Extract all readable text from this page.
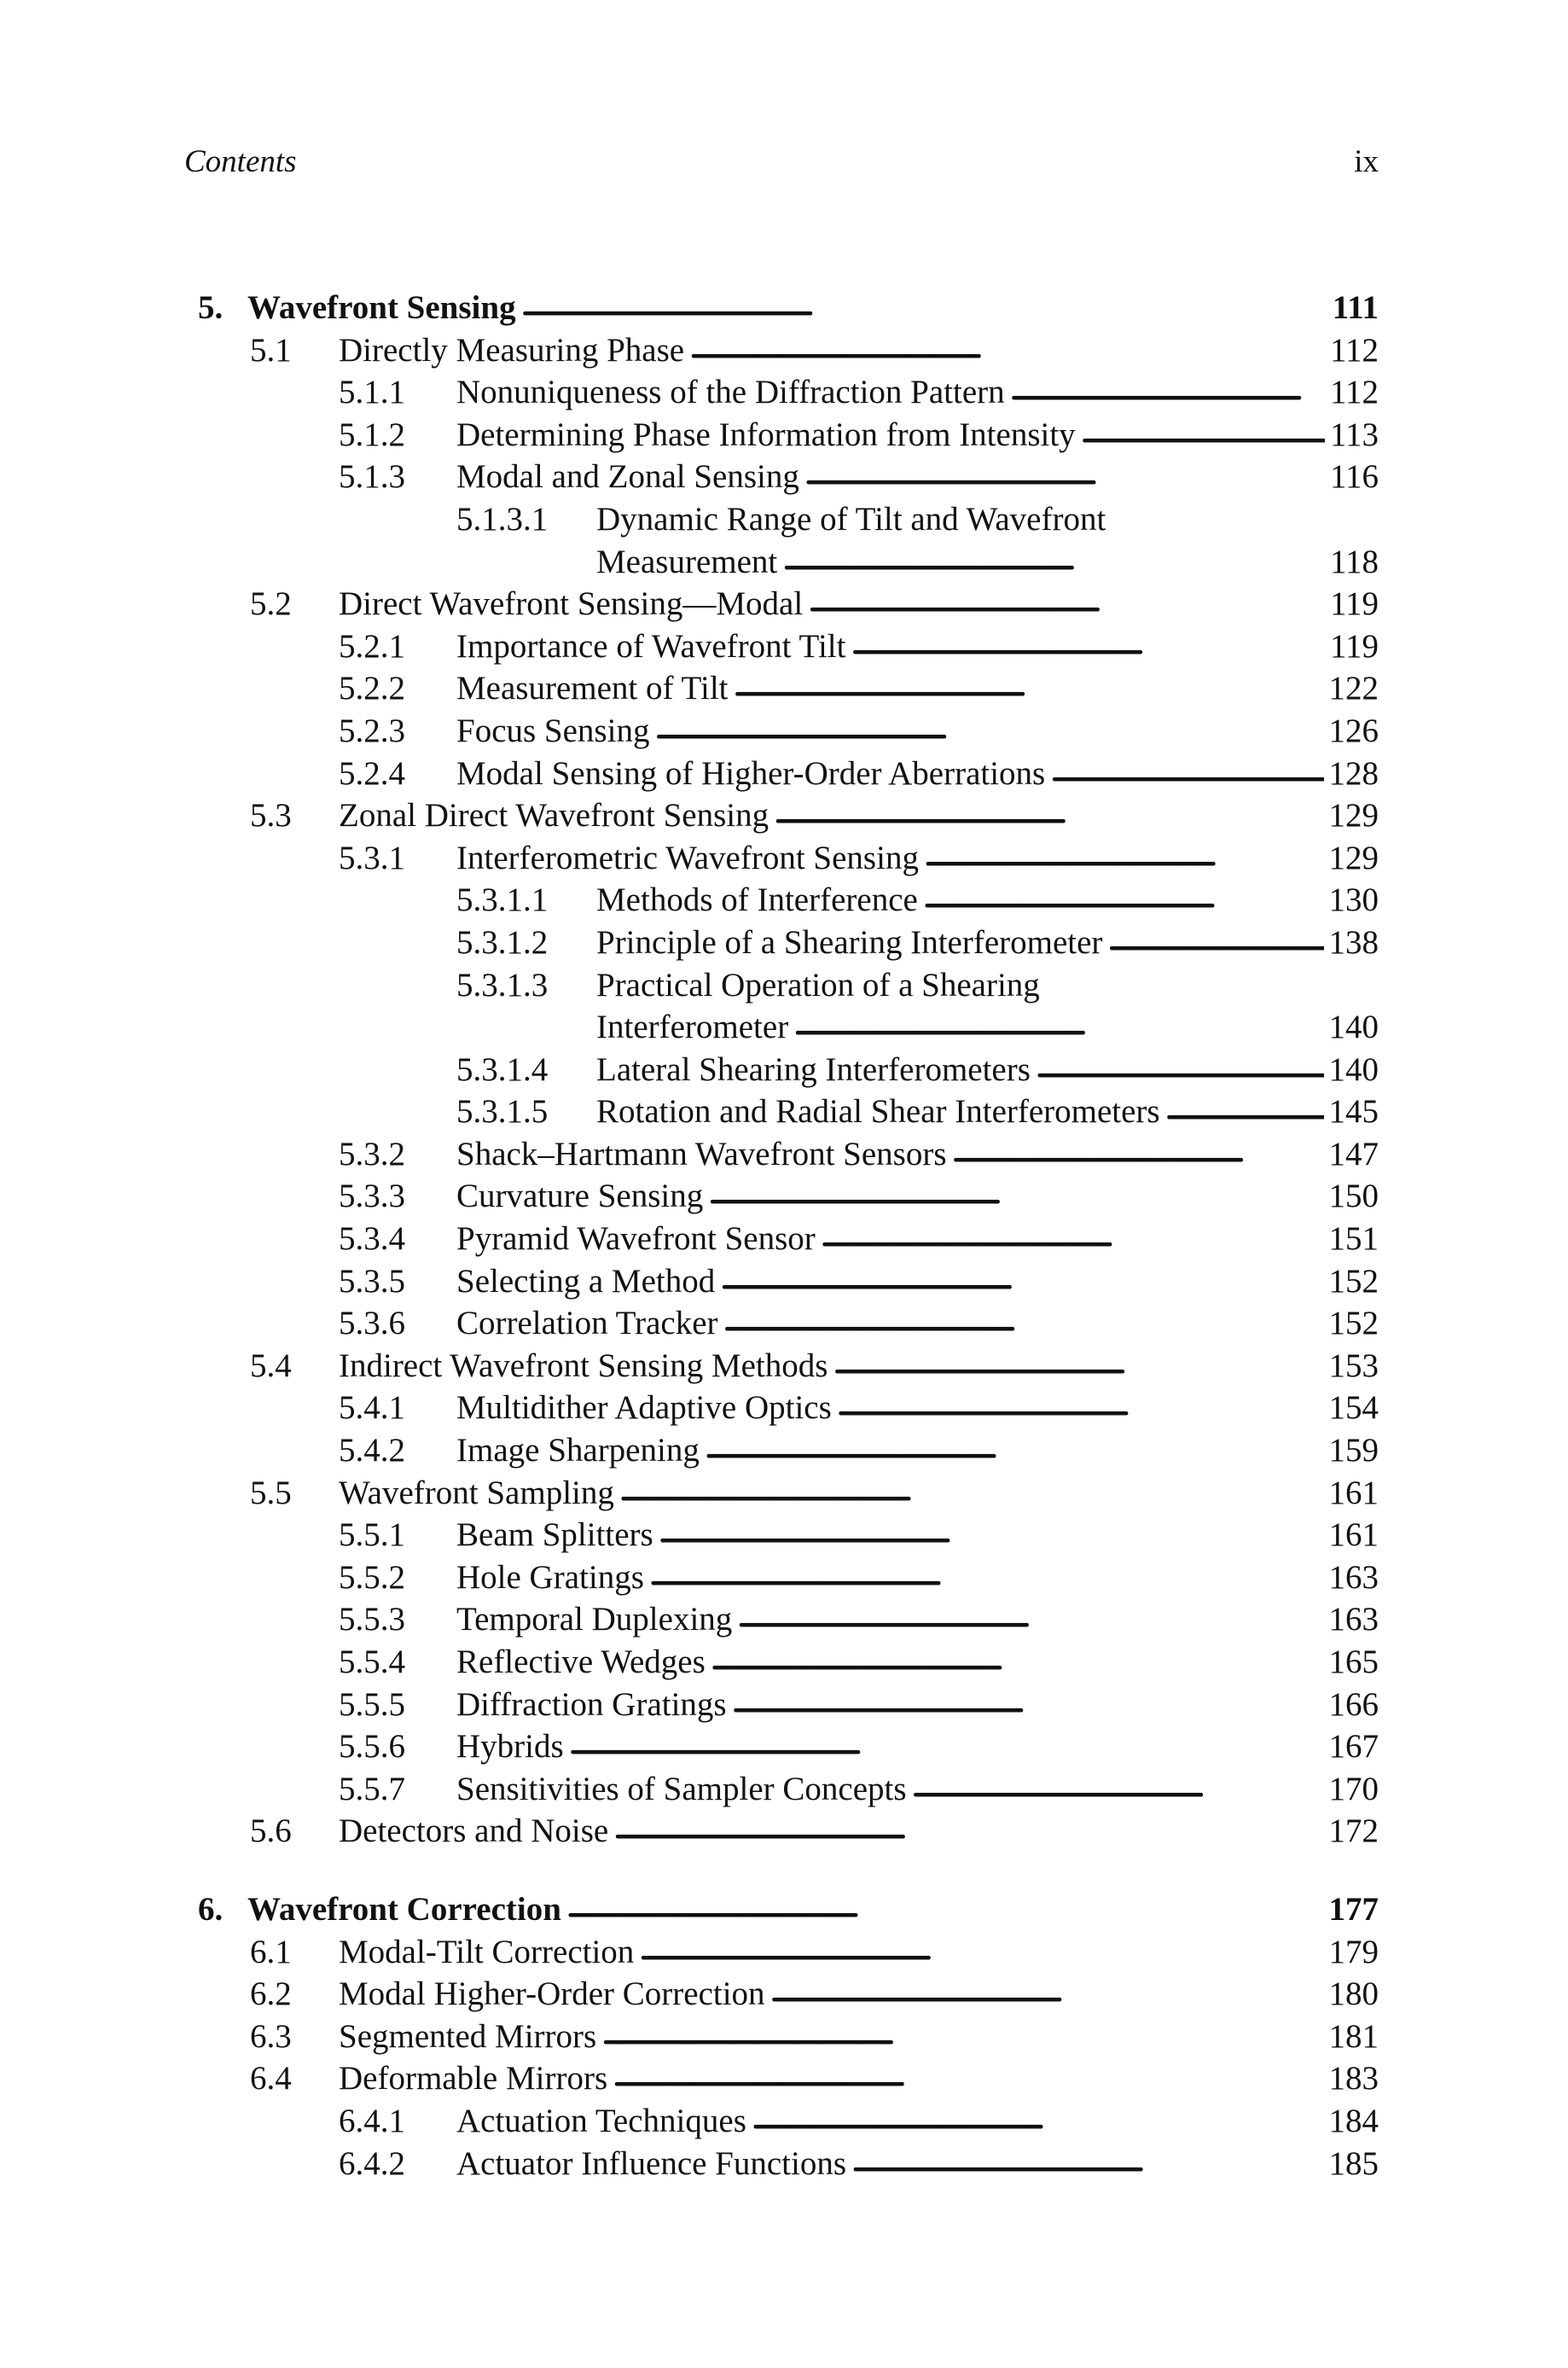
Contents	ix
5. Wavefront Sensing . . .	111
5.1	Directly Measuring Phase . . .	112
5.1.1	Nonuniqueness of the Diffraction Pattern . . .	112
5.1.2	Determining Phase Information from Intensity . . .	113
5.1.3	Modal and Zonal Sensing . . .	116
5.1.3.1	Dynamic Range of Tilt and Wavefront
Measurement . . .	118
5.2	Direct Wavefront Sensing—Modal . . .	119
5.2.1	Importance of Wavefront Tilt . . .	119
5.2.2	Measurement of Tilt . . .	122
5.2.3	Focus Sensing . . .	126
5.2.4	Modal Sensing of Higher-Order Aberrations . . .	128
5.3	Zonal Direct Wavefront Sensing . . .	129
5.3.1	Interferometric Wavefront Sensing . . .	129
5.3.1.1	Methods of Interference . . .	130
5.3.1.2	Principle of a Shearing Interferometer . . .	138
5.3.1.3	Practical Operation of a Shearing
Interferometer . . .	140
5.3.1.4	Lateral Shearing Interferometers . . .	140
5.3.1.5	Rotation and Radial Shear Interferometers . . .	145
5.3.2	Shack–Hartmann Wavefront Sensors . . .	147
5.3.3	Curvature Sensing . . .	150
5.3.4	Pyramid Wavefront Sensor . . .	151
5.3.5	Selecting a Method . . .	152
5.3.6	Correlation Tracker . . .	152
5.4	Indirect Wavefront Sensing Methods . . .	153
5.4.1	Multidither Adaptive Optics . . .	154
5.4.2	Image Sharpening . . .	159
5.5	Wavefront Sampling . . .	161
5.5.1	Beam Splitters . . .	161
5.5.2	Hole Gratings . . .	163
5.5.3	Temporal Duplexing . . .	163
5.5.4	Reflective Wedges . . .	165
5.5.5	Diffraction Gratings . . .	166
5.5.6	Hybrids . . .	167
5.5.7	Sensitivities of Sampler Concepts . . .	170
5.6	Detectors and Noise . . .	172
6. Wavefront Correction . . .	177
6.1	Modal-Tilt Correction . . .	179
6.2	Modal Higher-Order Correction . . .	180
6.3	Segmented Mirrors . . .	181
6.4	Deformable Mirrors . . .	183
6.4.1	Actuation Techniques . . .	184
6.4.2	Actuator Influence Functions . . .	185
